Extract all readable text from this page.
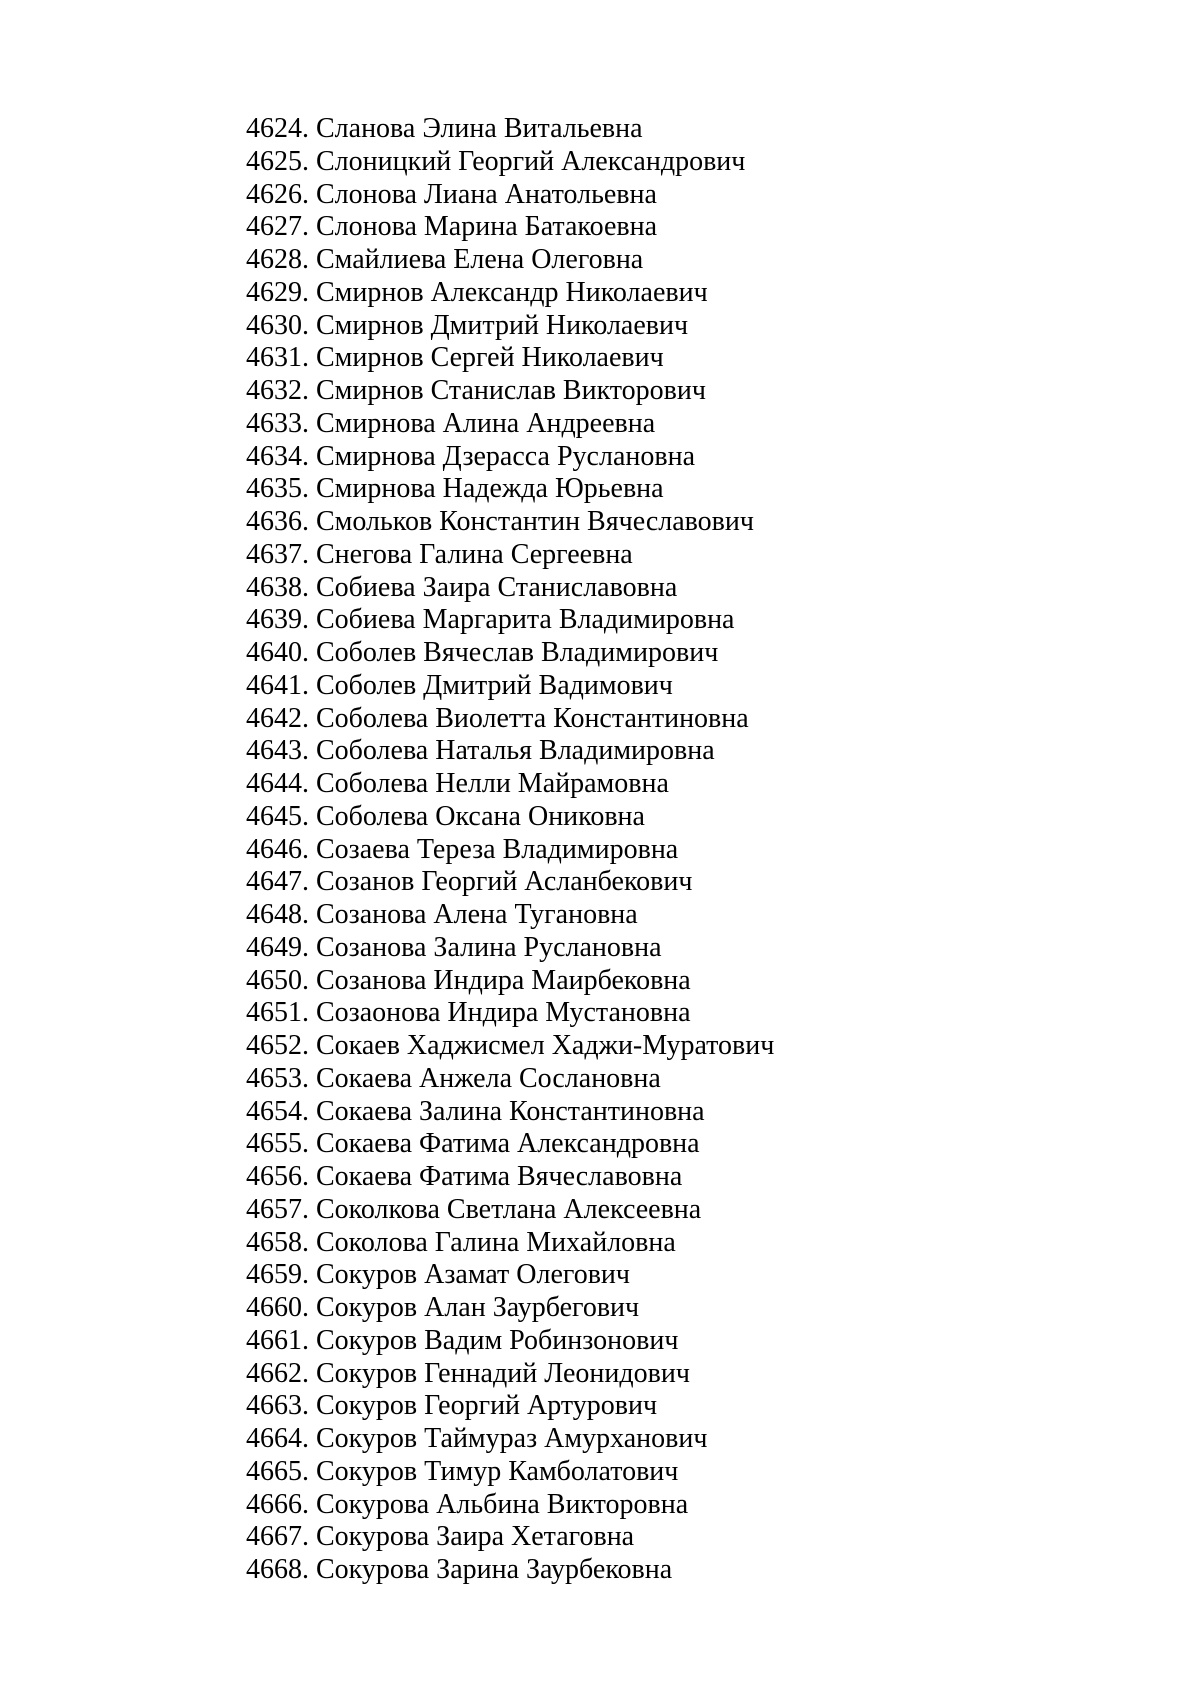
4624. Сланова Элина Витальевна
4625. Слоницкий Георгий Александрович
4626. Слонова Лиана Анатольевна
4627. Слонова Марина Батакоевна
4628. Смайлиева Елена Олеговна
4629. Смирнов Александр Николаевич
4630. Смирнов Дмитрий Николаевич
4631. Смирнов Сергей Николаевич
4632. Смирнов Станислав Викторович
4633. Смирнова Алина Андреевна
4634. Смирнова Дзерасса Руслановна
4635. Смирнова Надежда Юрьевна
4636. Смольков Константин Вячеславович
4637. Снегова Галина Сергеевна
4638. Собиева Заира Станиславовна
4639. Собиева Маргарита Владимировна
4640. Соболев Вячеслав Владимирович
4641. Соболев Дмитрий Вадимович
4642. Соболева Виолетта Константиновна
4643. Соболева Наталья Владимировна
4644. Соболева Нелли Майрамовна
4645. Соболева Оксана Ониковна
4646. Созаева Тереза Владимировна
4647. Созанов Георгий Асланбекович
4648. Созанова Алена Тугановна
4649. Созанова Залина Руслановна
4650. Созанова Индира Маирбековна
4651. Созаонова Индира Мустановна
4652. Сокаев Хаджисмел Хаджи-Муратович
4653. Сокаева Анжела Сослановна
4654. Сокаева Залина Константиновна
4655. Сокаева Фатима Александровна
4656. Сокаева Фатима Вячеславовна
4657. Соколкова Светлана Алексеевна
4658. Соколова Галина Михайловна
4659. Сокуров Азамат Олегович
4660. Сокуров Алан Заурбегович
4661. Сокуров Вадим Робинзонович
4662. Сокуров Геннадий Леонидович
4663. Сокуров Георгий Артурович
4664. Сокуров Таймураз Амурханович
4665. Сокуров Тимур Камболатович
4666. Сокурова Альбина Викторовна
4667. Сокурова Заира Хетаговна
4668. Сокурова Зарина Заурбековна
